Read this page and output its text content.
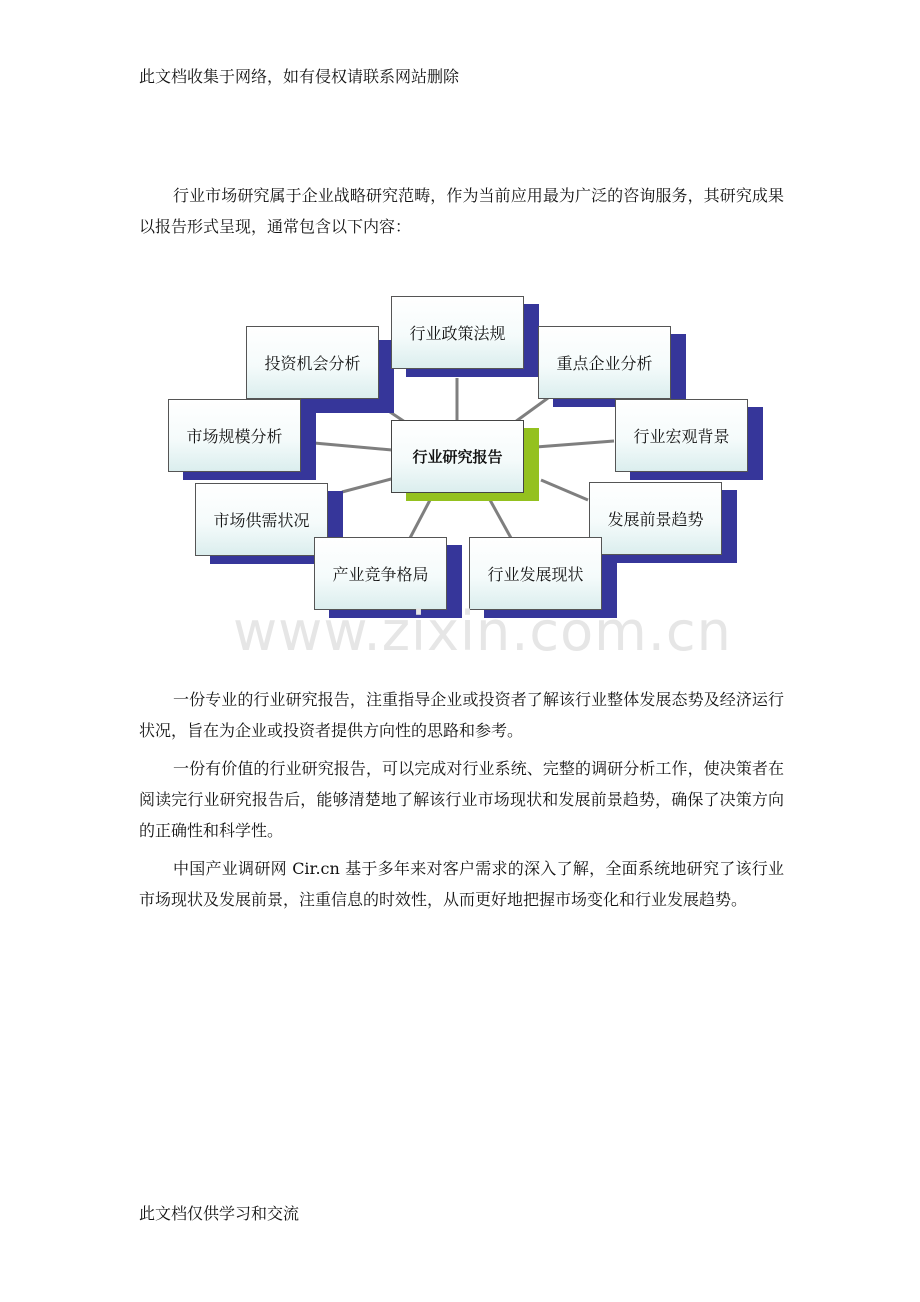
此文档收集于网络，如有侵权请联系网站删除

行业市场研究属于企业战略研究范畴，作为当前应用最为广泛的咨询服务，其研究成果以报告形式呈现，通常包含以下内容：

行业政策法规
投资机会分析	重点企业分析
市场规模分析	行业宏观背景
市场供需状况	发展前景趋势
产业竞争格局	行业发展现状
行业研究报告
www.zixin.com.cn

一份专业的行业研究报告，注重指导企业或投资者了解该行业整体发展态势及经济运行状况，旨在为企业或投资者提供方向性的思路和参考。

一份有价值的行业研究报告，可以完成对行业系统、完整的调研分析工作，使决策者在阅读完行业研究报告后，能够清楚地了解该行业市场现状和发展前景趋势，确保了决策方向的正确性和科学性。

中国产业调研网 Cir.cn 基于多年来对客户需求的深入了解，全面系统地研究了该行业市场现状及发展前景，注重信息的时效性，从而更好地把握市场变化和行业发展趋势。

此文档仅供学习和交流
